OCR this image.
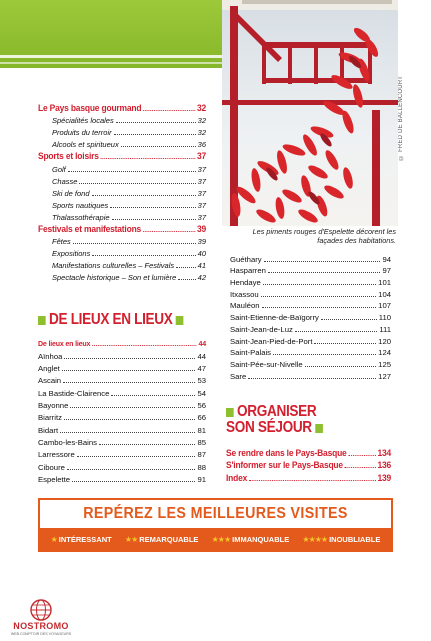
© FRED DE BALLENCOURT
Les piments rouges d'Espelette décorent les façades des habitations.
Le Pays basque gourmand	32
Spécialités locales	32
Produits du terroir	32
Alcools et spiritueux	36
Sports et loisirs	37
Golf	37
Chasse	37
Ski de fond	37
Sports nautiques	37
Thalassothérapie	37
Festivals et manifestations	39
Fêtes	39
Expositions	40
Manifestations culturelles – Festivals	41
Spectacle historique – Son et lumière	42
DE LIEUX EN LIEUX
De lieux en lieux	44
Aïnhoa	44
Anglet	47
Ascain	53
La Bastide-Clairence	54
Bayonne	56
Biarritz	66
Bidart	81
Cambo-les-Bains	85
Larressore	87
Ciboure	88
Espelette	91
Guéthary	94
Hasparren	97
Hendaye	101
Itxassou	104
Mauléon	107
Saint-Etienne-de-Baïgorry	110
Saint-Jean-de-Luz	111
Saint-Jean-Pied-de-Port	120
Saint-Palais	124
Saint-Pée-sur-Nivelle	125
Sare	127
ORGANISER
SON SÉJOUR
Se rendre dans le Pays-Basque	134
S'informer sur le Pays-Basque	136
Index	139
REPÉREZ LES MEILLEURES VISITES
★ INTÉRESSANT ★★ REMARQUABLE ★★★ IMMANQUABLE ★★★★ INOUBLIABLE
NOSTROMO
WEB COMPTOIR DES VOYAGEURS
